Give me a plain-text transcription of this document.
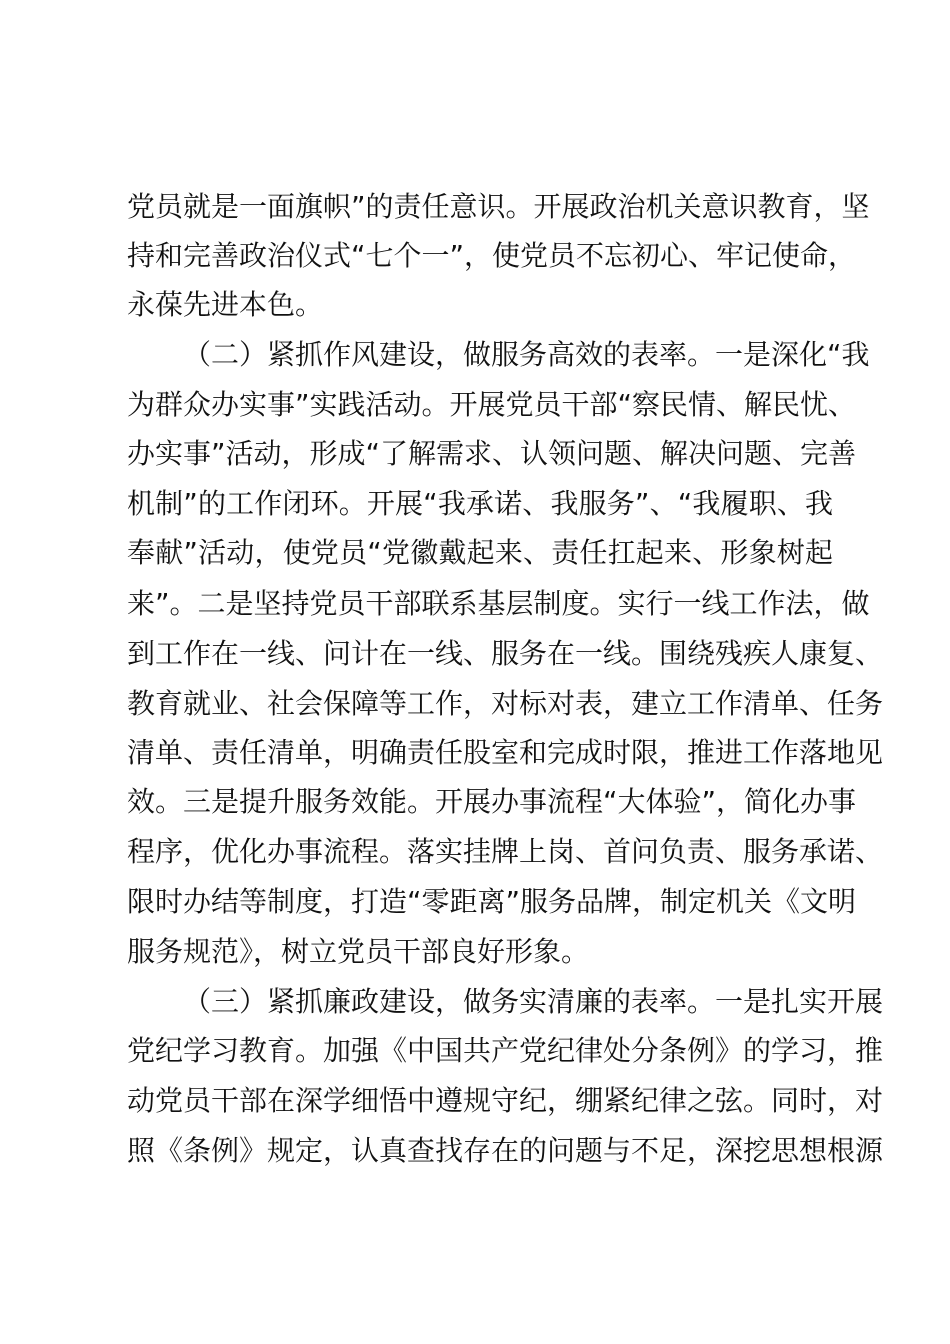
党员就是一面旗帜”的责任意识。开展政治机关意识教育，坚
持和完善政治仪式“七个一”，使党员不忘初心、牢记使命，
永葆先进本色。
（二）紧抓作风建设，做服务高效的表率。一是深化“我
为群众办实事”实践活动。开展党员干部“察民情、解民忧、
办实事”活动，形成“了解需求、认领问题、解决问题、完善
机制”的工作闭环。开展“我承诺、我服务”、“我履职、我
奉献”活动，使党员“党徽戴起来、责任扛起来、形象树起
来”。二是坚持党员干部联系基层制度。实行一线工作法，做
到工作在一线、问计在一线、服务在一线。围绕残疾人康复、
教育就业、社会保障等工作，对标对表，建立工作清单、任务
清单、责任清单，明确责任股室和完成时限，推进工作落地见
效。三是提升服务效能。开展办事流程“大体验”，简化办事
程序，优化办事流程。落实挂牌上岗、首问负责、服务承诺、
限时办结等制度，打造“零距离”服务品牌，制定机关《文明
服务规范》，树立党员干部良好形象。
（三）紧抓廉政建设，做务实清廉的表率。一是扎实开展
党纪学习教育。加强《中国共产党纪律处分条例》的学习，推
动党员干部在深学细悟中遵规守纪，绷紧纪律之弦。同时，对
照《条例》规定，认真查找存在的问题与不足，深挖思想根源
